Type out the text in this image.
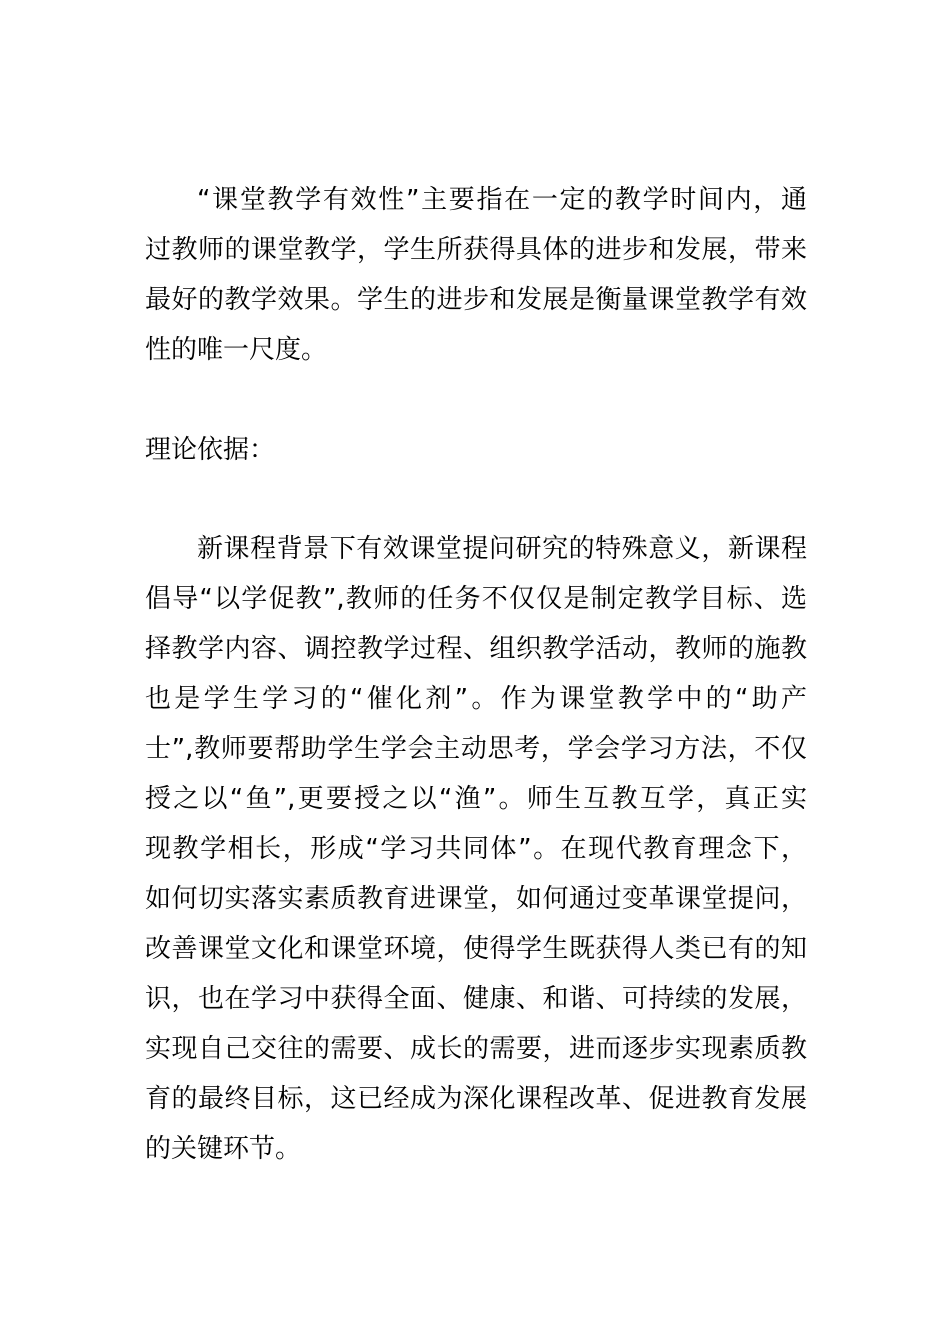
“课堂教学有效性”主要指在一定的教学时间内，通

过教师的课堂教学，学生所获得具体的进步和发展，带来

最好的教学效果。学生的进步和发展是衡量课堂教学有效

性的唯一尺度。

理论依据：

新课程背景下有效课堂提问研究的特殊意义，新课程

倡导“以学促教”,教师的任务不仅仅是制定教学目标、选

择教学内容、调控教学过程、组织教学活动，教师的施教

也是学生学习的“催化剂”。作为课堂教学中的“助产

士”,教师要帮助学生学会主动思考，学会学习方法，不仅

授之以“鱼”,更要授之以“渔”。师生互教互学，真正实

现教学相长，形成“学习共同体”。在现代教育理念下，

如何切实落实素质教育进课堂，如何通过变革课堂提问，

改善课堂文化和课堂环境，使得学生既获得人类已有的知

识，也在学习中获得全面、健康、和谐、可持续的发展，

实现自己交往的需要、成长的需要，进而逐步实现素质教

育的最终目标，这已经成为深化课程改革、促进教育发展

的关键环节。
